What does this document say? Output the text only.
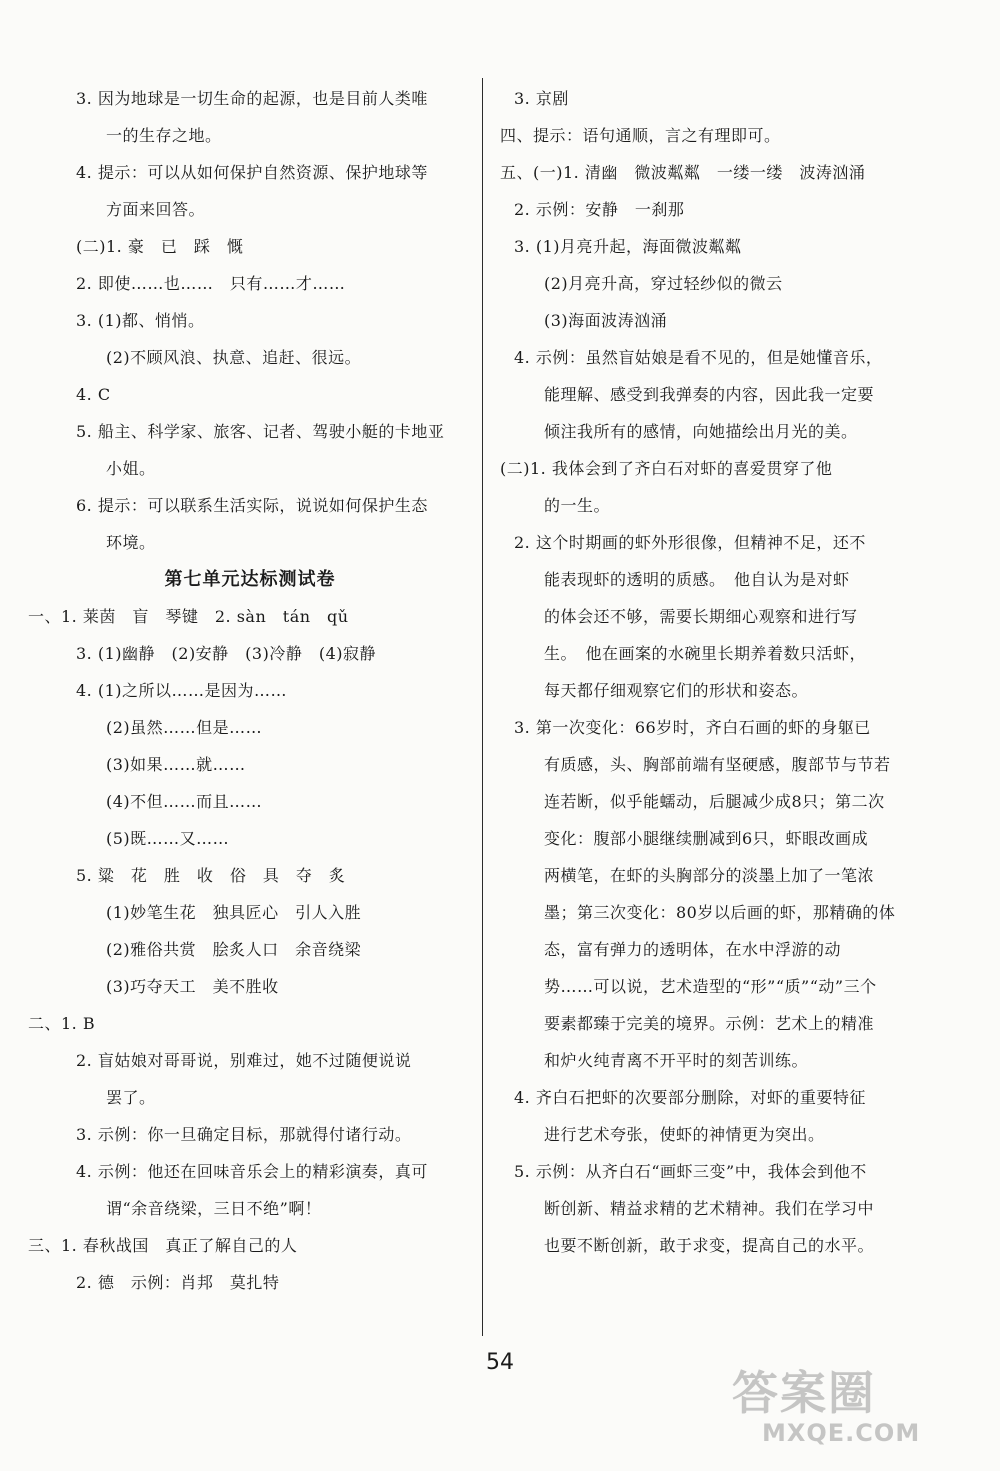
3. 因为地球是一切生命的起源，也是目前人类唯
一的生存之地。
4. 提示：可以从如何保护自然资源、保护地球等
方面来回答。
(二)1. 豪　已　踩　慨
2. 即使……也……　只有……才……
3. (1)都、悄悄。
(2)不顾风浪、执意、追赶、很远。
4. C
5. 船主、科学家、旅客、记者、驾驶小艇的卡地亚
小姐。
6. 提示：可以联系生活实际，说说如何保护生态
环境。
第七单元达标测试卷
一、1. 莱茵　盲　琴键　2. sàn　tán　qǔ
3. (1)幽静　(2)安静　(3)冷静　(4)寂静
4. (1)之所以……是因为……
(2)虽然……但是……
(3)如果……就……
(4)不但……而且……
(5)既……又……
5. 粱　花　胜　收　俗　具　夺　炙
(1)妙笔生花　独具匠心　引人入胜
(2)雅俗共赏　脍炙人口　余音绕梁
(3)巧夺天工　美不胜收
二、1. B
2. 盲姑娘对哥哥说，别难过，她不过随便说说
罢了。
3. 示例：你一旦确定目标，那就得付诸行动。
4. 示例：他还在回味音乐会上的精彩演奏，真可
谓“余音绕梁，三日不绝”啊！
三、1. 春秋战国　真正了解自己的人
2. 德　示例：肖邦　莫扎特
3. 京剧
四、提示：语句通顺，言之有理即可。
五、(一)1. 清幽　微波粼粼　一缕一缕　波涛汹涌
2. 示例：安静　一刹那
3. (1)月亮升起，海面微波粼粼
(2)月亮升高，穿过轻纱似的微云
(3)海面波涛汹涌
4. 示例：虽然盲姑娘是看不见的，但是她懂音乐，
能理解、感受到我弹奏的内容，因此我一定要
倾注我所有的感情，向她描绘出月光的美。
(二)1. 我体会到了齐白石对虾的喜爱贯穿了他
的一生。
2. 这个时期画的虾外形很像，但精神不足，还不
能表现虾的透明的质感。　他自认为是对虾
的体会还不够，需要长期细心观察和进行写
生。　他在画案的水碗里长期养着数只活虾，
每天都仔细观察它们的形状和姿态。
3. 第一次变化：66岁时，齐白石画的虾的身躯已
有质感，头、胸部前端有坚硬感，腹部节与节若
连若断，似乎能蠕动，后腿减少成8只；第二次
变化：腹部小腿继续删减到6只，虾眼改画成
两横笔，在虾的头胸部分的淡墨上加了一笔浓
墨；第三次变化：80岁以后画的虾，那精确的体
态，富有弹力的透明体，在水中浮游的动
势……可以说，艺术造型的“形”“质”“动”三个
要素都臻于完美的境界。示例：艺术上的精准
和炉火纯青离不开平时的刻苦训练。
4. 齐白石把虾的次要部分删除，对虾的重要特征
进行艺术夸张，使虾的神情更为突出。
5. 示例：从齐白石“画虾三变”中，我体会到他不
断创新、精益求精的艺术精神。我们在学习中
也要不断创新，敢于求变，提高自己的水平。
54
答案圈
MXQE.COM
